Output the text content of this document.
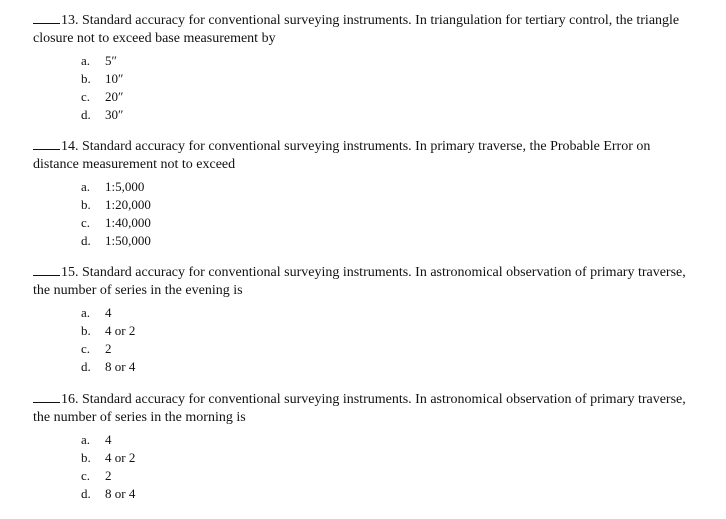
13. Standard accuracy for conventional surveying instruments. In triangulation for tertiary control, the triangle closure not to exceed base measurement by

a.	5″
b.	10″
c.	20″
d.	30″

14. Standard accuracy for conventional surveying instruments. In primary traverse, the Probable Error on distance measurement not to exceed

a.	1:5,000
b.	1:20,000
c.	1:40,000
d.	1:50,000

15. Standard accuracy for conventional surveying instruments. In astronomical observation of primary traverse, the number of series in the evening is

a.	4
b.	4 or 2
c.	2
d.	8 or 4

16. Standard accuracy for conventional surveying instruments. In astronomical observation of primary traverse, the number of series in the morning is

a.	4
b.	4 or 2
c.	2
d.	8 or 4
